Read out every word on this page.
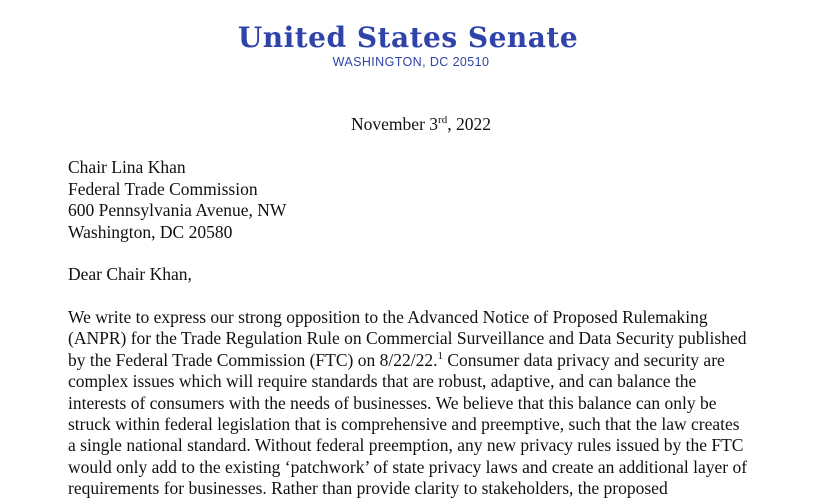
United States Senate
WASHINGTON, DC 20510
November 3rd, 2022
Chair Lina Khan
Federal Trade Commission
600 Pennsylvania Avenue, NW
Washington, DC 20580
Dear Chair Khan,
We write to express our strong opposition to the Advanced Notice of Proposed Rulemaking
(ANPR) for the Trade Regulation Rule on Commercial Surveillance and Data Security published
by the Federal Trade Commission (FTC) on 8/22/22.$^1$ Consumer data privacy and security are
complex issues which will require standards that are robust, adaptive, and can balance the
interests of consumers with the needs of businesses. We believe that this balance can only be
struck within federal legislation that is comprehensive and preemptive, such that the law creates
a single national standard. Without federal preemption, any new privacy rules issued by the FTC
would only add to the existing ‘patchwork’ of state privacy laws and create an additional layer of
requirements for businesses. Rather than provide clarity to stakeholders, the proposed
